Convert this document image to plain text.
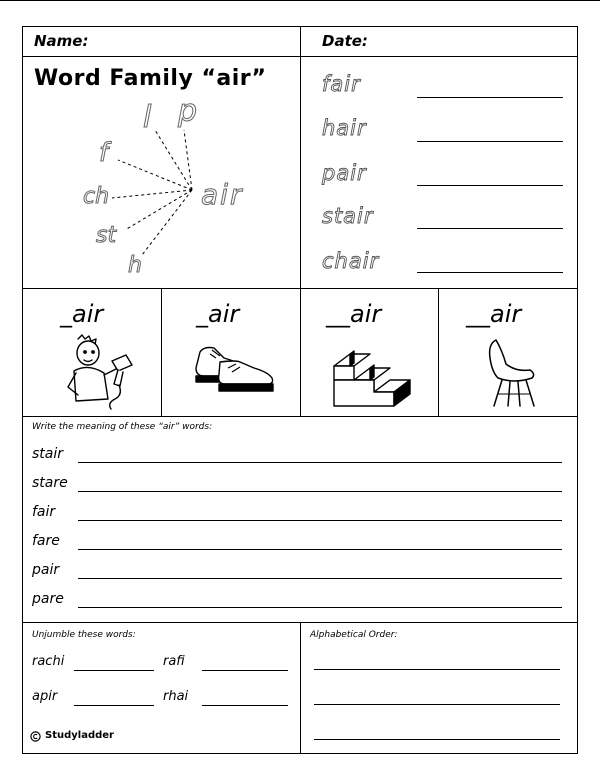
Name:	Date:
Word Family “air”
l p
f
ch
st
h
air
fair
hair
pair
stair
chair
_air	_air	__air	__air
Write the meaning of these “air” words:
stair
stare
fair
fare
pair
pare
Unjumble these words:
rachi	rafi
apir	rhai
Alphabetical Order:
Studyladder
